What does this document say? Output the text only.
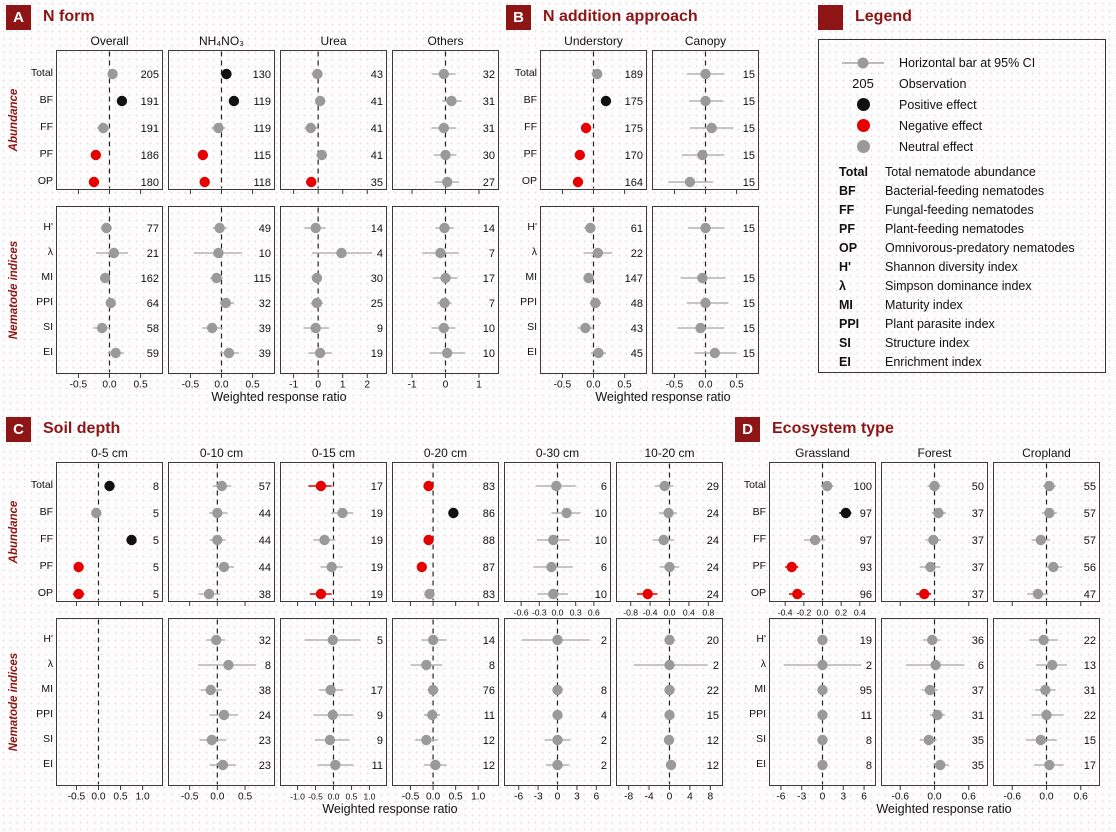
A	N form
Abundance
Nematode indices
Total
BF
FF
PF
OP
H'
λ
MI
PPI
SI
EI
Overall
205
191
191
186
180
-0.5 0.0 0.5
77
21
162
64
58
59
NH₄NO₃
130
119
119
115
118
-0.5 0.0 0.5
49
10
115
32
39
39
Urea
43
41
41
41
35
-1 0 1 2
14
4
30
25
9
19
Others
32
31
31
30
27
-1	0	1
14
7
17
7
10
10
Weighted response ratio
B	N addition approach
Total
BF
FF
PF
OP
H'
λ
MI
PPI
SI
EI
Understory
189
175
175
170
164
-0.5 0.0 0.5
61
22
147
48
43
45
Canopy
15
15
15
15
15
-0.5 0.0 0.5
15
15
15
15
15
Weighted response ratio
Legend
Horizontal bar at 95% CI
205	Observation
Positive effect
Negative effect
Neutral effect
Total	Total nematode abundance
BF	Bacterial-feeding nematodes
FF	Fungal-feeding nematodes
PF	Plant-feeding nematodes
OP	Omnivorous-predatory nematodes
H'	Shannon diversity index
λ	Simpson dominance index
MI	Maturity index
PPI	Plant parasite index
SI	Structure index
EI	Enrichment index
C	Soil depth
Abundance
Nematode indices
Total
BF
FF
PF
OP
H'
λ
MI
PPI
SI
EI
0-5 cm
8
5
5
5
5
-0.5 0.0 0.5 1.0
0-10 cm
57
44
44
44
38
-0.5 0.0 0.5
32
8
38
24
23
23
0-15 cm
17
19
19
19
19
-1.0 -0.5 0.0 0.5 1.0
5
17
9
9
11
0-20 cm
83
86
88
87
83
-0.5 0.0 0.5 1.0
14
8
76
11
12
12
0-30 cm
-0.6 -0.3 0.0 0.3 0.6
6
10
10
6
10
-6 -3 0 3 6
2
8
4
2
2
10-20 cm
-0.8 -0.4 0.0 0.4 0.8
29
24
24
24
24
-8 -4 0 4 8
20
2
22
15
12
12
Weighted response ratio
D	Ecosystem type
Total
BF
FF
PF
OP
H'
λ
MI
PPI
SI
EI
Grassland
-0.4 -0.2 0.0 0.2 0.4
100
97
97
93
96
-6 -3 0 3 6
19
2
95
11
8
8
Forest
50
37
37
37
37
-0.6 0.0 0.6
36
6
37
31
35
35
Cropland
55
57
57
56
47
-0.6 0.0 0.6
22
13
31
22
15
17
Weighted response ratio
